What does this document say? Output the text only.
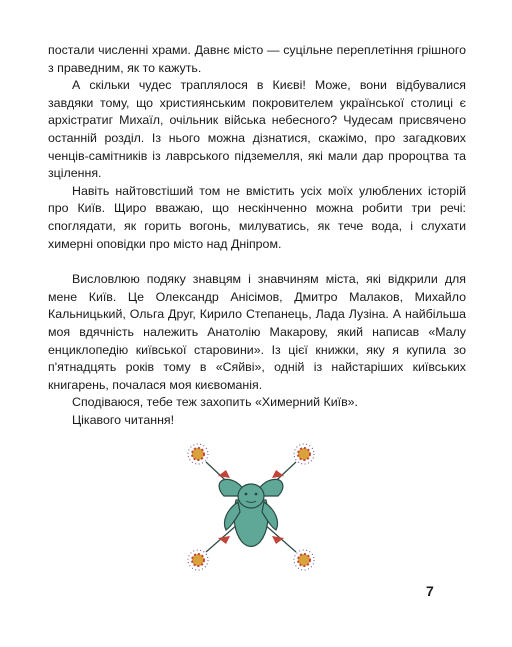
постали численні храми. Давнє місто — суцільне переплетіння грішного з праведним, як то кажуть.

А скільки чудес траплялося в Києві! Може, вони відбувалися завдяки тому, що християнським покровителем української столиці є архістратиг Михаїл, очільник війська небесного? Чудесам присвячено останній розділ. Із нього можна дізнатися, скажімо, про загадкових ченців-самітників із лаврського підземелля, які мали дар пророцтва та зцілення.

Навіть найтовстіший том не вмістить усіх моїх улюблених історій про Київ. Щиро вважаю, що нескінченно можна робити три речі: споглядати, як горить вогонь, милуватись, як тече вода, і слухати химерні оповідки про місто над Дніпром.

Висловлюю подяку знавцям і знавчиням міста, які відкрили для мене Київ. Це Олександр Анісімов, Дмитро Малаков, Михайло Кальницький, Ольга Друг, Кирило Степанець, Лада Лузіна. А найбільша моя вдячність належить Анатолію Макарову, який написав «Малу енциклопедію київської старовини». Із цієї книжки, яку я купила зо п'ятнадцять років тому в «Сяйві», одній із найстаріших київських книгарень, почалася моя києвоманія.

Сподіваюся, тебе теж захопить «Химерний Київ».

Цікавого читання!

7
